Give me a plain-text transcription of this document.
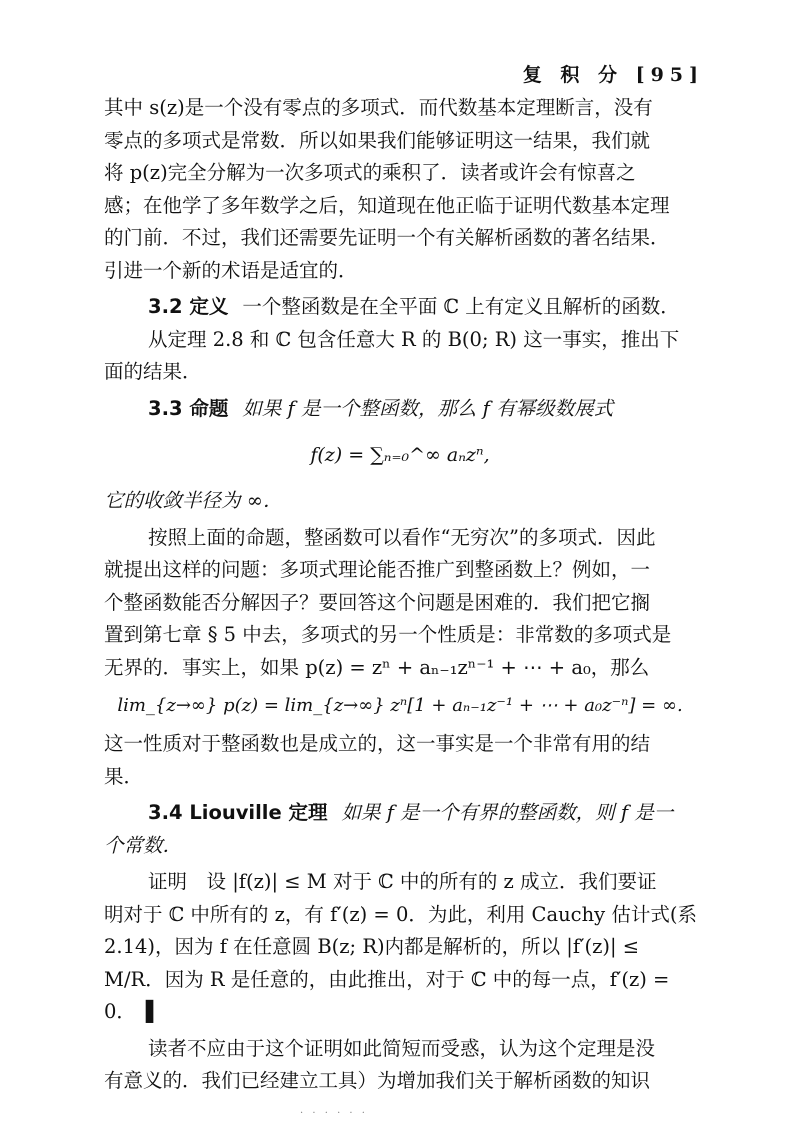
复 积 分 [95]
其中 s(z)是一个没有零点的多项式．而代数基本定理断言，没有
零点的多项式是常数．所以如果我们能够证明这一结果，我们就
将 p(z)完全分解为一次多项式的乘积了．读者或许会有惊喜之
感；在他学了多年数学之后，知道现在他正临于证明代数基本定理
的门前．不过，我们还需要先证明一个有关解析函数的著名结果．
引进一个新的术语是适宜的．
3.2 定义 一个整函数是在全平面 ℂ 上有定义且解析的函数．
从定理 2.8 和 ℂ 包含任意大 R 的 B(0; R) 这一事实，推出下
面的结果．
3.3 命题 如果 f 是一个整函数，那么 f 有幂级数展式
f(z) = ∑ₙ₌₀^∞ aₙzⁿ,
它的收敛半径为 ∞．
按照上面的命题，整函数可以看作“无穷次”的多项式．因此
就提出这样的问题：多项式理论能否推广到整函数上？例如，一
个整函数能否分解因子？要回答这个问题是困难的．我们把它搁
置到第七章 § 5 中去，多项式的另一个性质是：非常数的多项式是
无界的．事实上，如果 p(z) = zⁿ + aₙ₋₁zⁿ⁻¹ + ⋯ + a₀，那么
lim_{z→∞} p(z) = lim_{z→∞} zⁿ[1 + aₙ₋₁z⁻¹ + ⋯ + a₀z⁻ⁿ] = ∞.
这一性质对于整函数也是成立的，这一事实是一个非常有用的结
果．
3.4 Liouville 定理 如果 f 是一个有界的整函数，则 f 是一
个常数．
证明　设 |f(z)| ≤ M 对于 ℂ 中的所有的 z 成立．我们要证
明对于 ℂ 中所有的 z，有 f′(z) = 0．为此，利用 Cauchy 估计式(系
2.14)，因为 f 在任意圆 B(z; R)内都是解析的，所以 |f′(z)| ≤
M/R．因为 R 是任意的，由此推出，对于 ℂ 中的每一点，f′(z) =
0． ▌
读者不应由于这个证明如此简短而受惑，认为这个定理是没
有意义的．我们已经建立工具）为增加我们关于解析函数的知识
· · · · · ·
